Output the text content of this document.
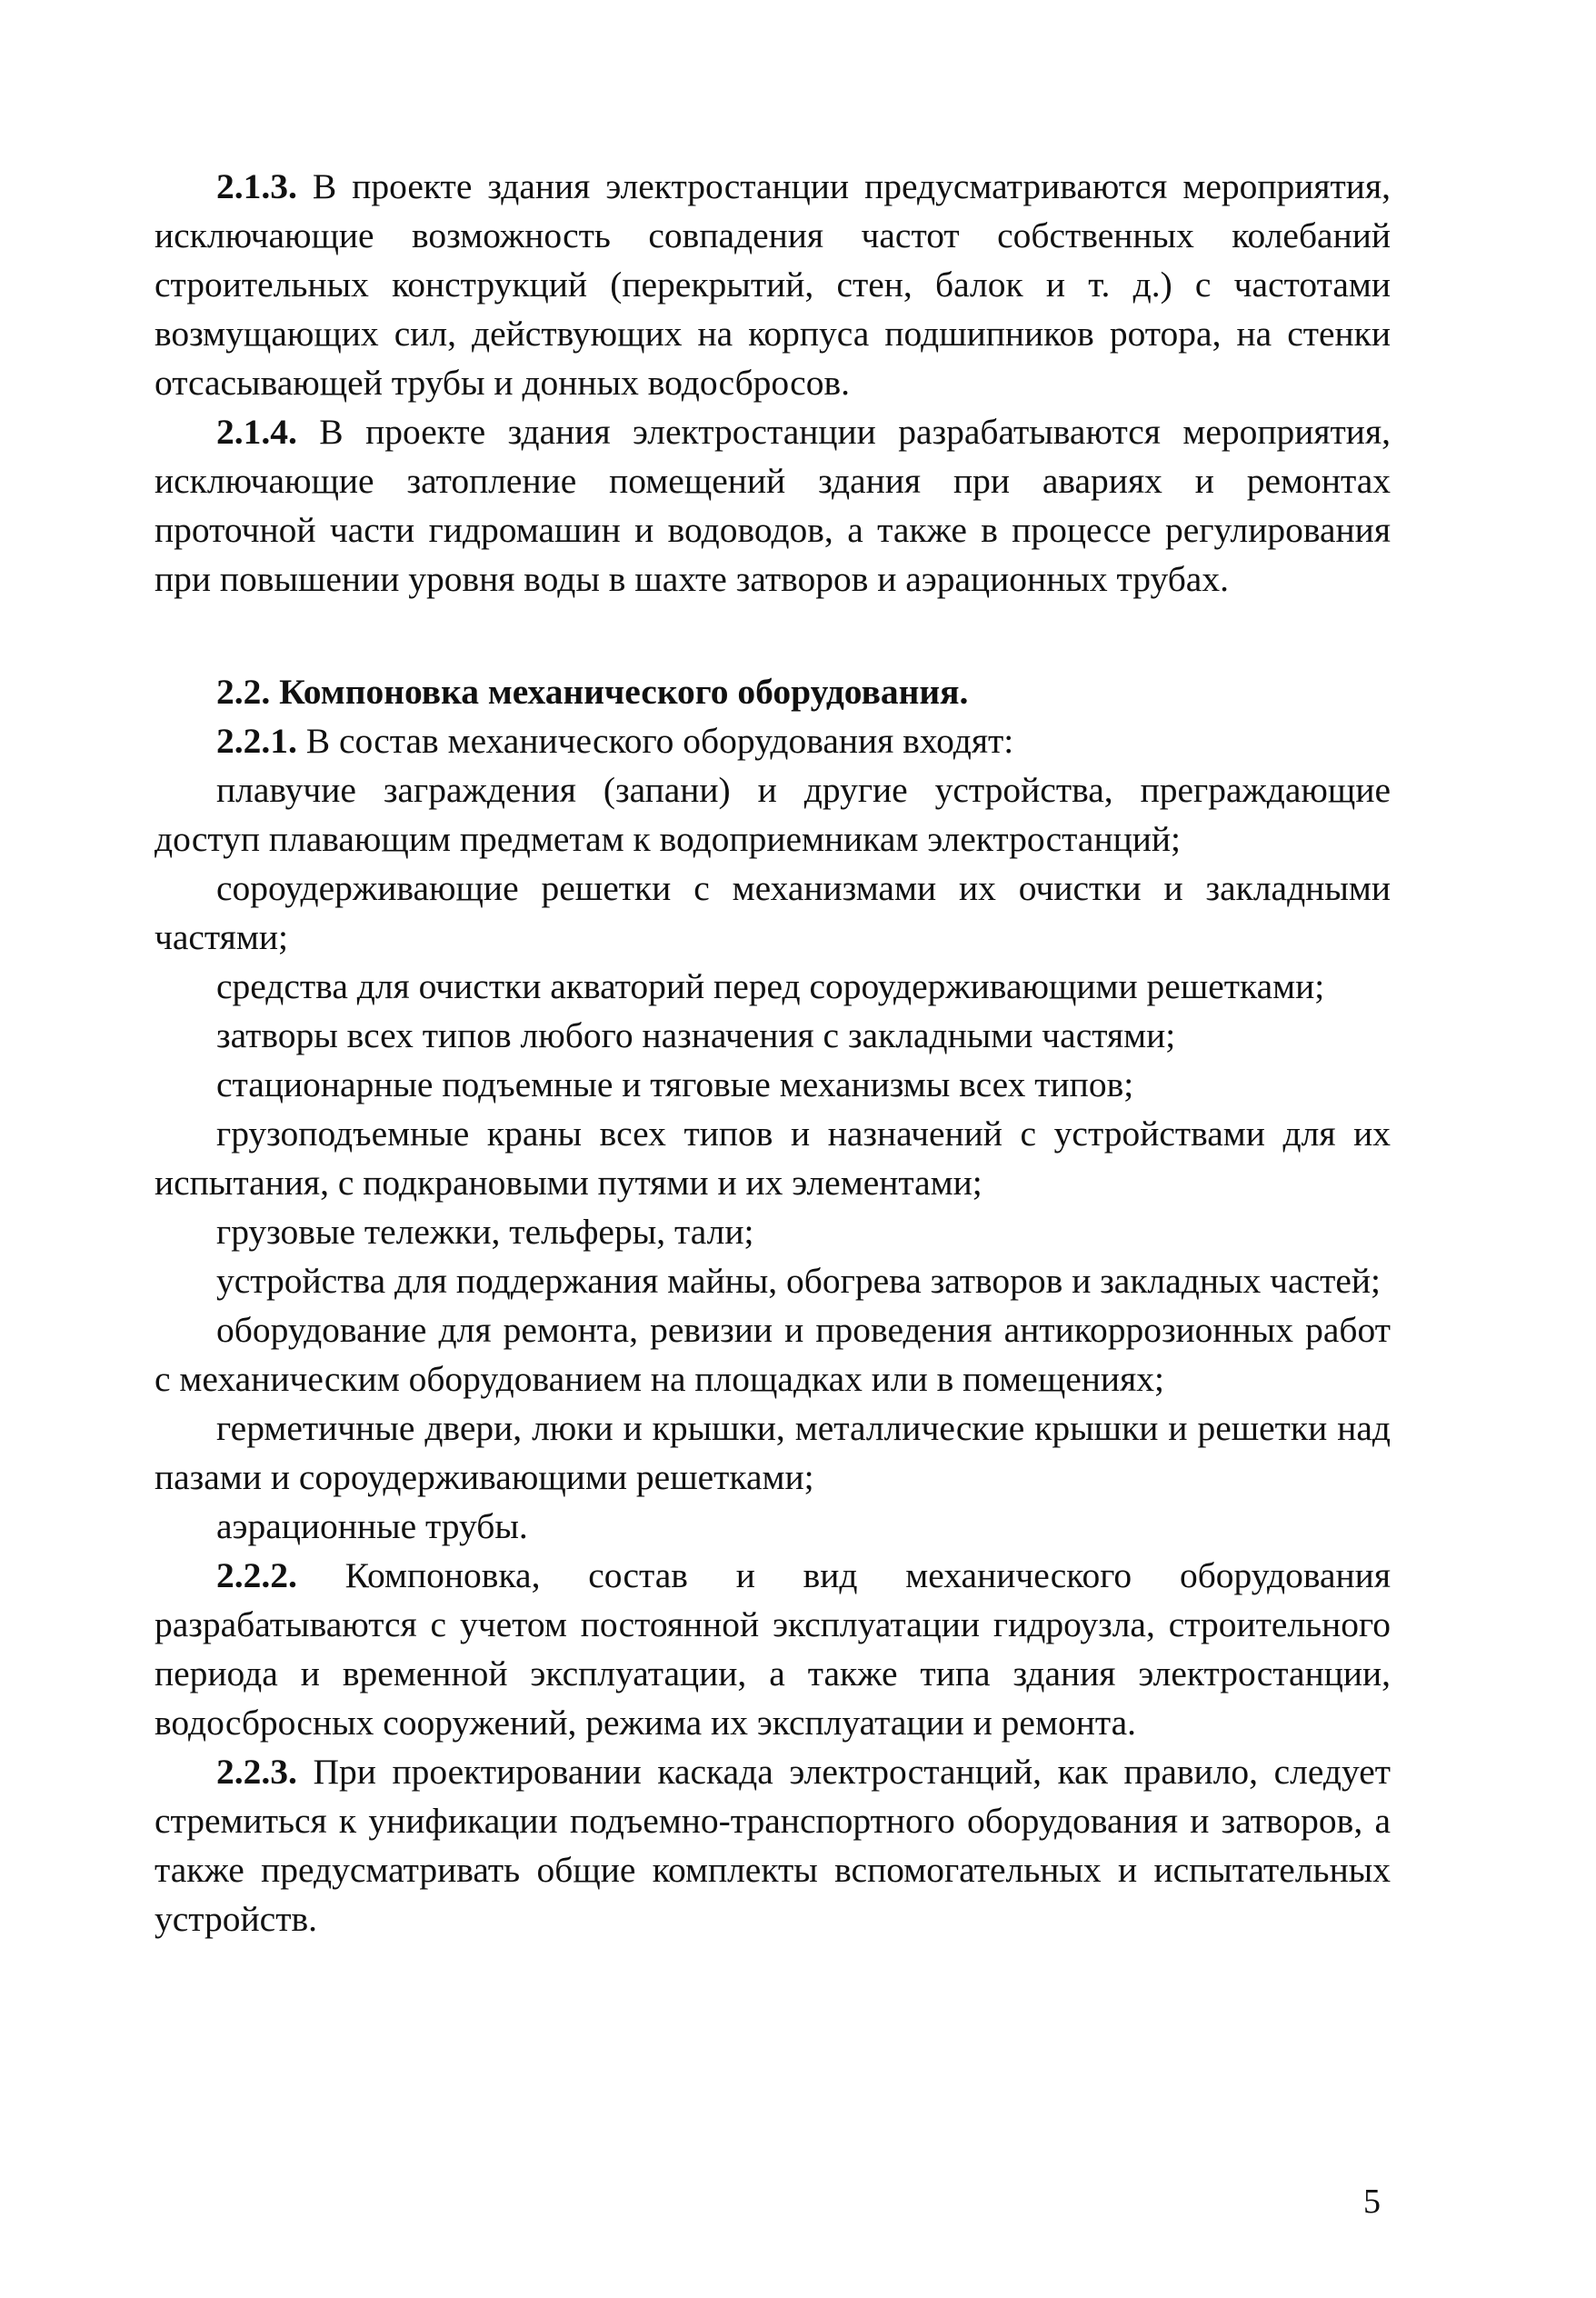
2.1.3. В проекте здания электростанции предусматриваются мероприятия, исключающие возможность совпадения частот собственных колебаний строительных конструкций (перекрытий, стен, балок и т. д.) с частотами возмущающих сил, действующих на корпуса подшипников ротора, на стенки отсасывающей трубы и донных водосбросов.

2.1.4. В проекте здания электростанции разрабатываются мероприятия, исключающие затопление помещений здания при авариях и ремонтах проточной части гидромашин и водоводов, а также в процессе регулирования при повышении уровня воды в шахте затворов и аэрационных трубах.

2.2. Компоновка механического оборудования.

2.2.1. В состав механического оборудования входят:

плавучие заграждения (запани) и другие устройства, преграждающие доступ плавающим предметам к водоприемникам электростанций;

сороудерживающие решетки с механизмами их очистки и закладными частями;

средства для очистки акваторий перед сороудерживающими решетками;

затворы всех типов любого назначения с закладными частями;

стационарные подъемные и тяговые механизмы всех типов;

грузоподъемные краны всех типов и назначений с устройствами для их испытания, с подкрановыми путями и их элементами;

грузовые тележки, тельферы, тали;

устройства для поддержания майны, обогрева затворов и закладных частей;

оборудование для ремонта, ревизии и проведения антикоррозионных работ с механическим оборудованием на площадках или в помещениях;

герметичные двери, люки и крышки, металлические крышки и решетки над пазами и сороудерживающими решетками;

аэрационные трубы.

2.2.2. Компоновка, состав и вид механического оборудования разрабатываются с учетом постоянной эксплуатации гидроузла, строительного периода и временной эксплуатации, а также типа здания электростанции, водосбросных сооружений, режима их эксплуатации и ремонта.

2.2.3. При проектировании каскада электростанций, как правило, следует стремиться к унификации подъемно-транспортного оборудования и затворов, а также предусматривать общие комплекты вспомогательных и испытательных устройств.

5
